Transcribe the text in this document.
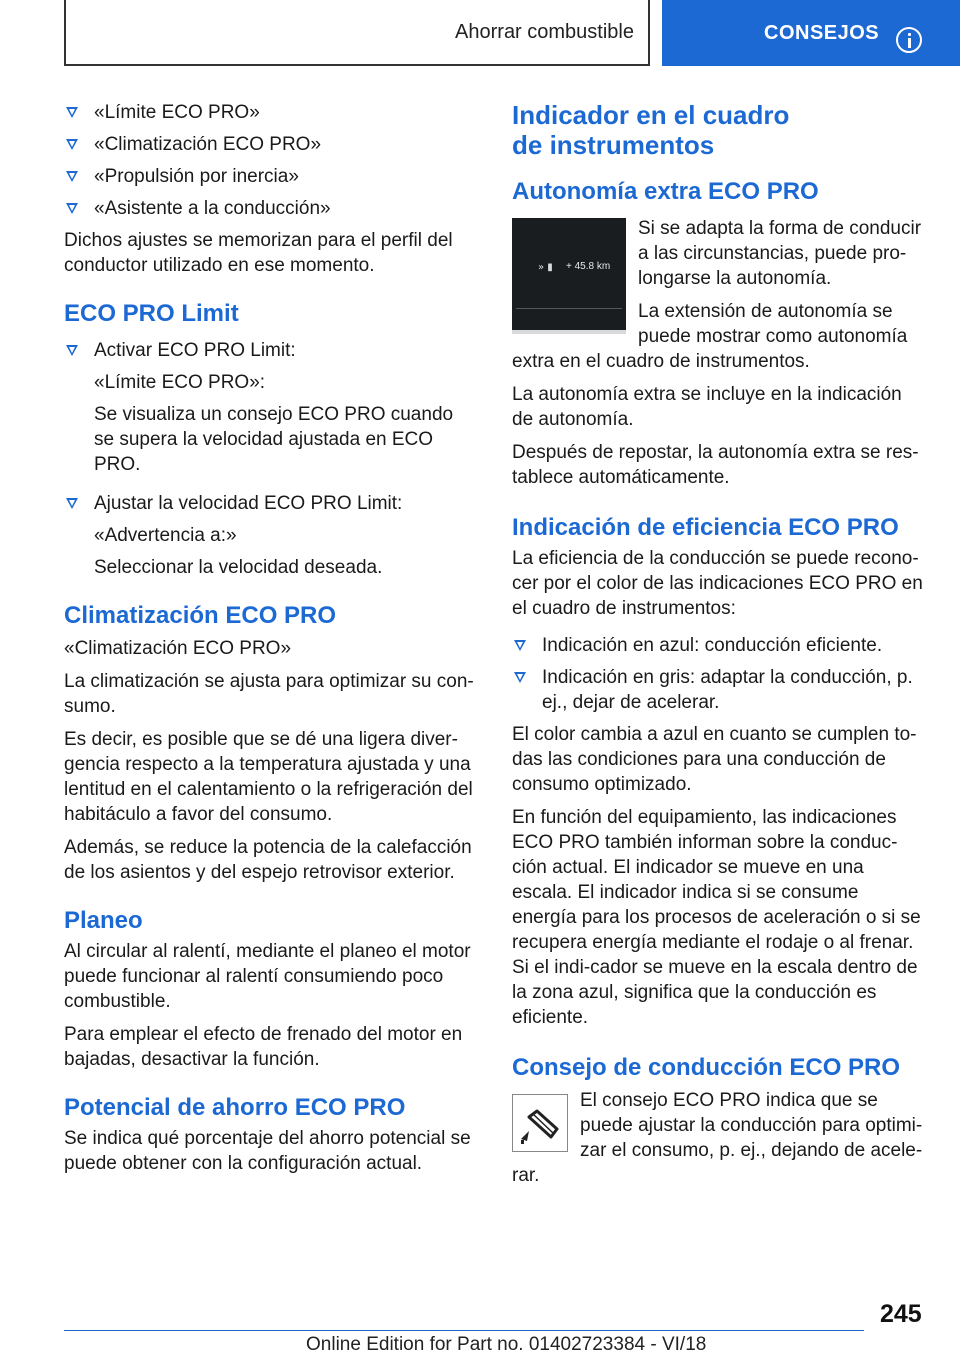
Ahorrar combustible	CONSEJOS
«Límite ECO PRO»
«Climatización ECO PRO»
«Propulsión por inercia»
«Asistente a la conducción»

Dichos ajustes se memorizan para el perfil del conductor utilizado en ese momento.

ECO PRO Limit
Activar ECO PRO Limit:
«Límite ECO PRO»:
Se visualiza un consejo ECO PRO cuando se supera la velocidad ajustada en ECO PRO.
Ajustar la velocidad ECO PRO Limit:
«Advertencia a:»
Seleccionar la velocidad deseada.
Climatización ECO PRO

«Climatización ECO PRO»

La climatización se ajusta para optimizar su con-sumo.

Es decir, es posible que se dé una ligera diver-gencia respecto a la temperatura ajustada y una lentitud en el calentamiento o la refrigeración del habitáculo a favor del consumo.

Además, se reduce la potencia de la calefacción de los asientos y del espejo retrovisor exterior.

Planeo

Al circular al ralentí, mediante el planeo el motor puede funcionar al ralentí consumiendo poco combustible.

Para emplear el efecto de frenado del motor en bajadas, desactivar la función.

Potencial de ahorro ECO PRO

Se indica qué porcentaje del ahorro potencial se puede obtener con la configuración actual.

Indicador en el cuadro de instrumentos
Autonomía extra ECO PRO
» ▮ + 45.8 km

Si se adapta la forma de conducir a las circunstancias, puede pro-longarse la autonomía.

La extensión de autonomía se puede mostrar como autonomía extra en el cuadro de instrumentos.

La autonomía extra se incluye en la indicación de autonomía.

Después de repostar, la autonomía extra se res-tablece automáticamente.

Indicación de eficiencia ECO PRO

La eficiencia de la conducción se puede recono-cer por el color de las indicaciones ECO PRO en el cuadro de instrumentos:

Indicación en azul: conducción eficiente.
Indicación en gris: adaptar la conducción, p. ej., dejar de acelerar.

El color cambia a azul en cuanto se cumplen to-das las condiciones para una conducción de consumo optimizado.

En función del equipamiento, las indicaciones ECO PRO también informan sobre la conduc-ción actual. El indicador se mueve en una escala. El indicador indica si se consume energía para los procesos de aceleración o si se recupera energía mediante el rodaje o al frenar. Si el indi-cador se mueve en la escala dentro de la zona azul, significa que la conducción es eficiente.

Consejo de conducción ECO PRO

El consejo ECO PRO indica que se puede ajustar la conducción para optimi-zar el consumo, p. ej., dejando de acele-rar.

245
Online Edition for Part no. 01402723384 - VI/18
